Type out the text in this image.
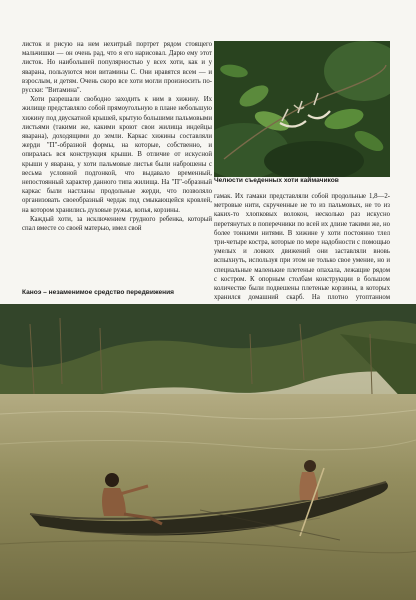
листок и рисую на нем нехитрый портрет рядом стоящего мальчишки — он очень рад, что я его нарисовал. Дарю ему этот листок. Но наибольшей популярностью у всех хоти, как и у яварана, пользуются мои витамины С. Они нравятся всем — и взрослым, и детям. Очень скоро все хоти могли произносить по-русски: "Витамина".

Хоти разрешали свободно заходить к ним в хижину. Их жилище представляло собой прямоугольную в плане небольшую хижину под двускатной крышей, крытую большими пальмовыми листьями (такими же, какими кроют свои жилища индейцы яварана), доходящими до земли. Каркас хижины составляли жерди "П"-образной формы, на которые, собственно, и опиралась вся конструкция крыши. В отличие от искусной крыши у яварана, у хоти пальмовые листья были наброшены с весьма условной подгонкой, что выдавало временный, непостоянный характер данного типа жилища. На "П"-образный каркас были настланы продольные жерди, что позволяло организовать своеобразный чердак под смыкающейся кровлей, на котором хранились духовые ружья, копья, корзины.

Каждый хоти, за исключением грудного ребенка, который спал вместе со своей матерью, имел свой

Челюсти съеденных хоти каймачиков

гамак. Их гамаки представляли собой продольные 1,8—2-метровые нити, скрученные не то из пальмовых, не то из каких-то хлопковых волокон, несколько раз искусно перетянутых в поперечники по всей их длине такими же, но более тонкими нитями. В хижине у хоти постоянно тлел три-четыре костра, которые по мере надобности с помощью умелых и ловких движений они заставляли вновь вспыхнуть, используя при этом не только свое умение, но и специальные маленькие плетеные опахала, лежащие рядом с костром. К опорным столбам конструкции в большом количестве были подвешены плетеные корзины, в которых хранился домашний скарб. На плотно утоптанном

Каноэ – незаменимое средство передвижения
